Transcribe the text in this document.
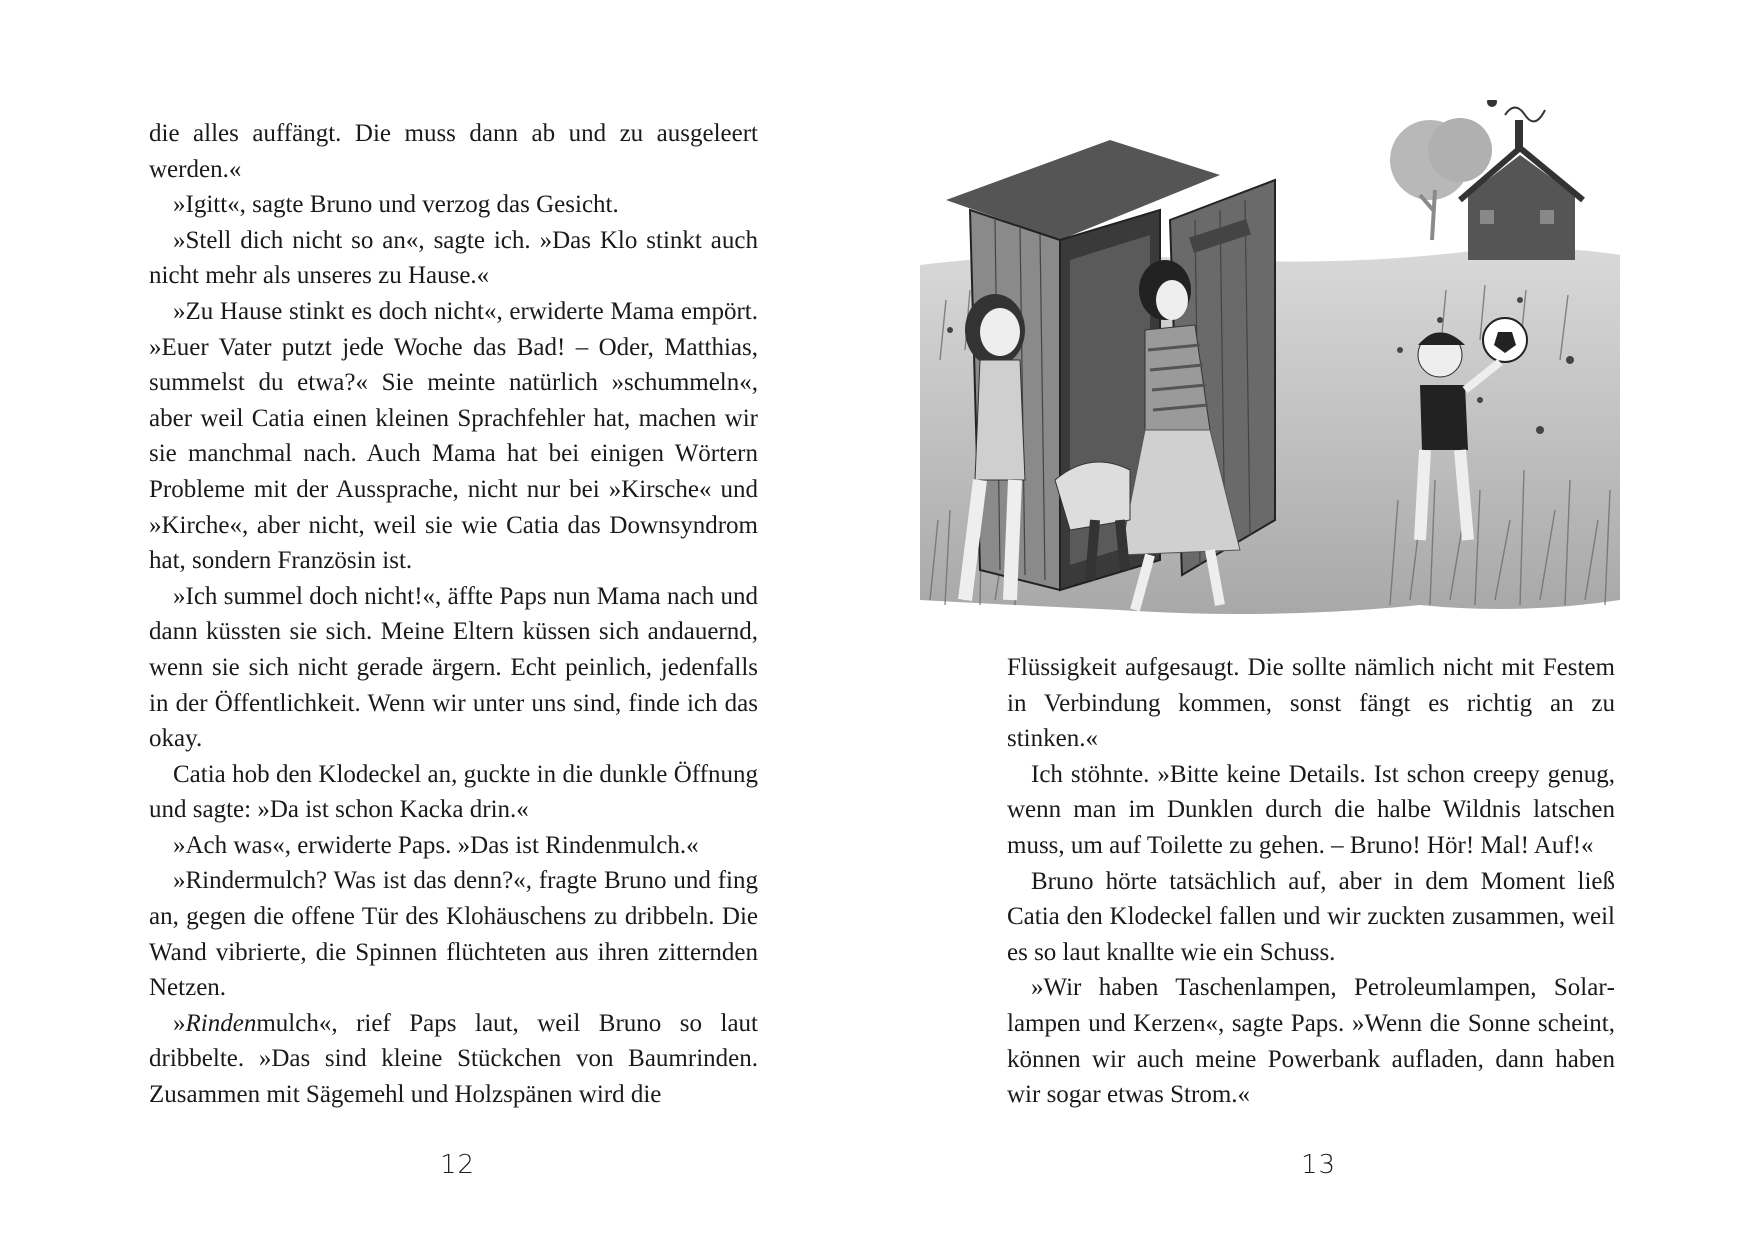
die alles auffängt. Die muss dann ab und zu ausgeleert werden.«

»Igitt«, sagte Bruno und verzog das Gesicht.

»Stell dich nicht so an«, sagte ich. »Das Klo stinkt auch nicht mehr als unseres zu Hause.«

»Zu Hause stinkt es doch nicht«, erwiderte Mama empört. »Euer Vater putzt jede Woche das Bad! – Oder, Matthias, summelst du etwa?« Sie meinte natürlich »schummeln«, aber weil Catia einen kleinen Sprachfehler hat, machen wir sie manchmal nach. Auch Mama hat bei einigen Wörtern Probleme mit der Aussprache, nicht nur bei »Kirsche« und »Kirche«, aber nicht, weil sie wie Catia das Downsyndrom hat, sondern Französin ist.

»Ich summel doch nicht!«, äffte Paps nun Mama nach und dann küssten sie sich. Meine Eltern küssen sich andauernd, wenn sie sich nicht gerade ärgern. Echt peinlich, jedenfalls in der Öffentlichkeit. Wenn wir unter uns sind, finde ich das okay.

Catia hob den Klodeckel an, guckte in die dunkle Öffnung und sagte: »Da ist schon Kacka drin.«

»Ach was«, erwiderte Paps. »Das ist Rindenmulch.«

»Rindermulch? Was ist das denn?«, fragte Bruno und fing an, gegen die offene Tür des Klohäuschens zu dribbeln. Die Wand vibrierte, die Spinnen flüchteten aus ihren zitternden Netzen.

»Rindenmulch«, rief Paps laut, weil Bruno so laut dribbelte. »Das sind kleine Stückchen von Baumrinden. Zusammen mit Sägemehl und Holzspänen wird die

12

Flüssigkeit aufgesaugt. Die sollte nämlich nicht mit Festem in Verbindung kommen, sonst fängt es richtig an zu stinken.«

Ich stöhnte. »Bitte keine Details. Ist schon creepy genug, wenn man im Dunklen durch die halbe Wildnis latschen muss, um auf Toilette zu gehen. – Bruno! Hör! Mal! Auf!«

Bruno hörte tatsächlich auf, aber in dem Moment ließ Catia den Klodeckel fallen und wir zuckten zusammen, weil es so laut knallte wie ein Schuss.

»Wir haben Taschenlampen, Petroleumlampen, Solarlampen und Kerzen«, sagte Paps. »Wenn die Sonne scheint, können wir auch meine Powerbank aufladen, dann haben wir sogar etwas Strom.«

13
